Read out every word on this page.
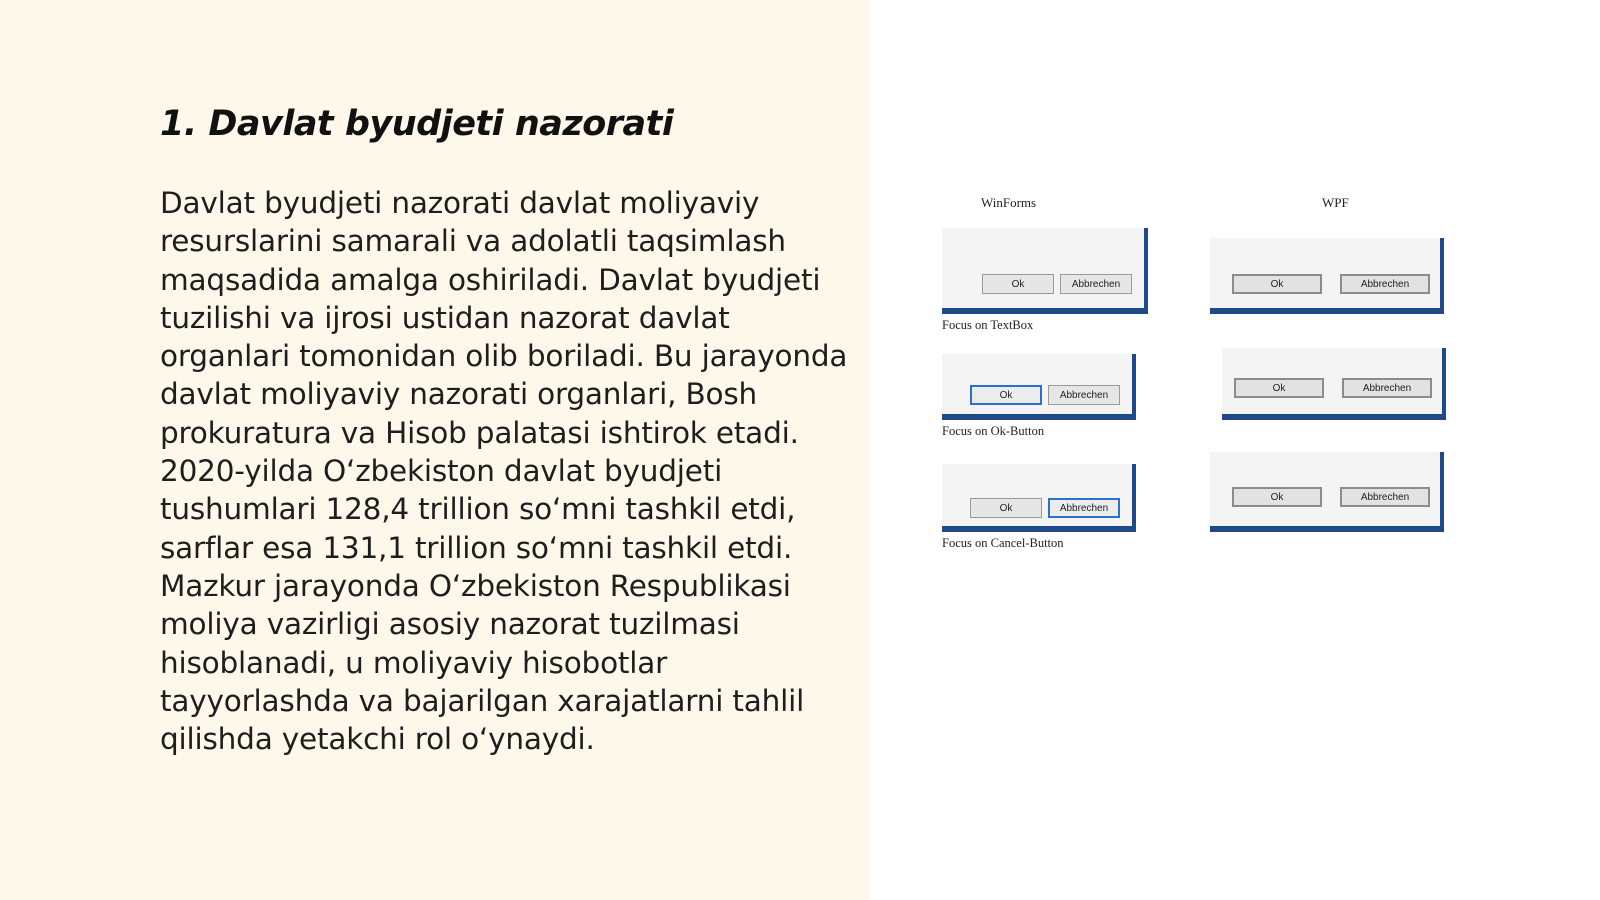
1. Davlat byudjeti nazorati

Davlat byudjeti nazorati davlat moliyaviy resurslarini samarali va adolatli taqsimlash maqsadida amalga oshiriladi. Davlat byudjeti tuzilishi va ijrosi ustidan nazorat davlat organlari tomonidan olib boriladi. Bu jarayonda davlat moliyaviy nazorati organlari, Bosh prokuratura va Hisob palatasi ishtirok etadi. 2020-yilda O‘zbekiston davlat byudjeti tushumlari 128,4 trillion so‘mni tashkil etdi, sarflar esa 131,1 trillion so‘mni tashkil etdi. Mazkur jarayonda O‘zbekiston Respublikasi moliya vazirligi asosiy nazorat tuzilmasi hisoblanadi, u moliyaviy hisobotlar tayyorlashda va bajarilgan xarajatlarni tahlil qilishda yetakchi rol o‘ynaydi.

WinForms	WPF
Ok	Abbrechen
Focus on TextBox
Ok	Abbrechen
Ok	Abbrechen
Focus on Ok-Button
Ok	Abbrechen
Ok	Abbrechen
Focus on Cancel-Button
Ok	Abbrechen
